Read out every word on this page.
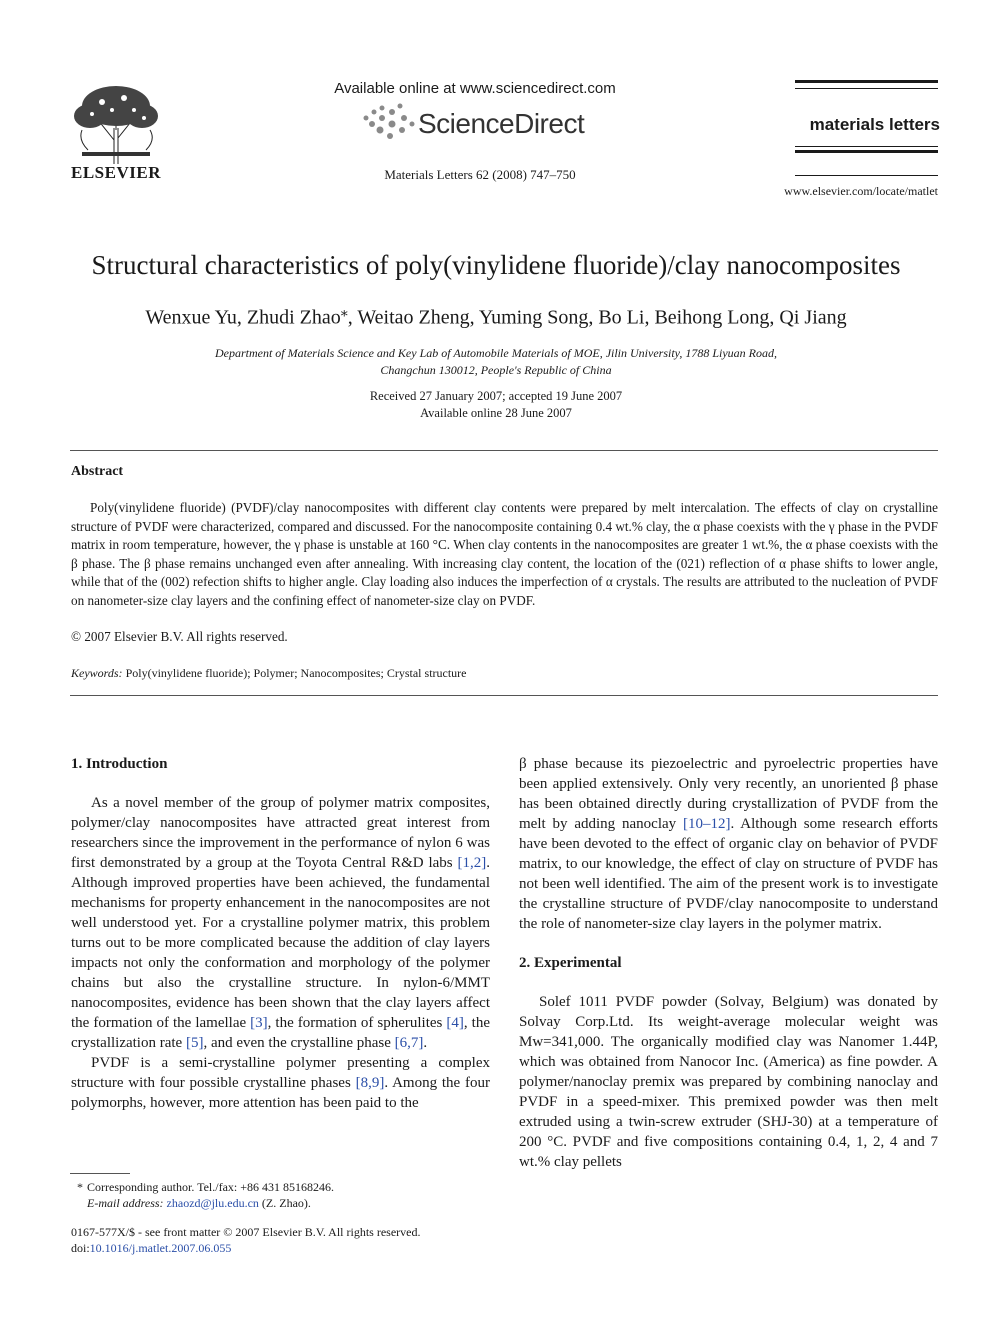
ELSEVIER
Available online at www.sciencedirect.com
ScienceDirect
Materials Letters 62 (2008) 747–750
materials letters
www.elsevier.com/locate/matlet
Structural characteristics of poly(vinylidene fluoride)/clay nanocomposites
Wenxue Yu, Zhudi Zhao⁎, Weitao Zheng, Yuming Song, Bo Li, Beihong Long, Qi Jiang
Department of Materials Science and Key Lab of Automobile Materials of MOE, Jilin University, 1788 Liyuan Road,
Changchun 130012, People's Republic of China
Received 27 January 2007; accepted 19 June 2007
Available online 28 June 2007
Abstract

Poly(vinylidene fluoride) (PVDF)/clay nanocomposites with different clay contents were prepared by melt intercalation. The effects of clay on crystalline structure of PVDF were characterized, compared and discussed. For the nanocomposite containing 0.4 wt.% clay, the α phase coexists with the γ phase in the PVDF matrix in room temperature, however, the γ phase is unstable at 160 °C. When clay contents in the nanocomposites are greater 1 wt.%, the α phase coexists with the β phase. The β phase remains unchanged even after annealing. With increasing clay content, the location of the (021) reflection of α phase shifts to lower angle, while that of the (002) refection shifts to higher angle. Clay loading also induces the imperfection of α crystals. The results are attributed to the nucleation of PVDF on nanometer-size clay layers and the confining effect of nanometer-size clay on PVDF.

© 2007 Elsevier B.V. All rights reserved.
Keywords: Poly(vinylidene fluoride); Polymer; Nanocomposites; Crystal structure
1. Introduction

As a novel member of the group of polymer matrix composites, polymer/clay nanocomposites have attracted great interest from researchers since the improvement in the performance of nylon 6 was first demonstrated by a group at the Toyota Central R&D labs [1,2]. Although improved properties have been achieved, the fundamental mechanisms for property enhancement in the nanocomposites are not well understood yet. For a crystalline polymer matrix, this problem turns out to be more complicated because the addition of clay layers impacts not only the conformation and morphology of the polymer chains but also the crystalline structure. In nylon-6/MMT nanocomposites, evidence has been shown that the clay layers affect the formation of the lamellae [3], the formation of spherulites [4], the crystallization rate [5], and even the crystalline phase [6,7].

PVDF is a semi-crystalline polymer presenting a complex structure with four possible crystalline phases [8,9]. Among the four polymorphs, however, more attention has been paid to the

β phase because its piezoelectric and pyroelectric properties have been applied extensively. Only very recently, an unoriented β phase has been obtained directly during crystallization of PVDF from the melt by adding nanoclay [10–12]. Although some research efforts have been devoted to the effect of organic clay on behavior of PVDF matrix, to our knowledge, the effect of clay on structure of PVDF has not been well identified. The aim of the present work is to investigate the crystalline structure of PVDF/clay nanocomposite to understand the role of nanometer-size clay layers in the polymer matrix.

2. Experimental

Solef 1011 PVDF powder (Solvay, Belgium) was donated by Solvay Corp.Ltd. Its weight-average molecular weight was Mw=341,000. The organically modified clay was Nanomer 1.44P, which was obtained from Nanocor Inc. (America) as fine powder. A polymer/nanoclay premix was prepared by combining nanoclay and PVDF in a speed-mixer. This premixed powder was then melt extruded using a twin-screw extruder (SHJ-30) at a temperature of 200 °C. PVDF and five compositions containing 0.4, 1, 2, 4 and 7 wt.% clay pellets

* Corresponding author. Tel./fax: +86 431 85168246.
E-mail address: zhaozd@jlu.edu.cn (Z. Zhao).
0167-577X/$ - see front matter © 2007 Elsevier B.V. All rights reserved.
doi:10.1016/j.matlet.2007.06.055
